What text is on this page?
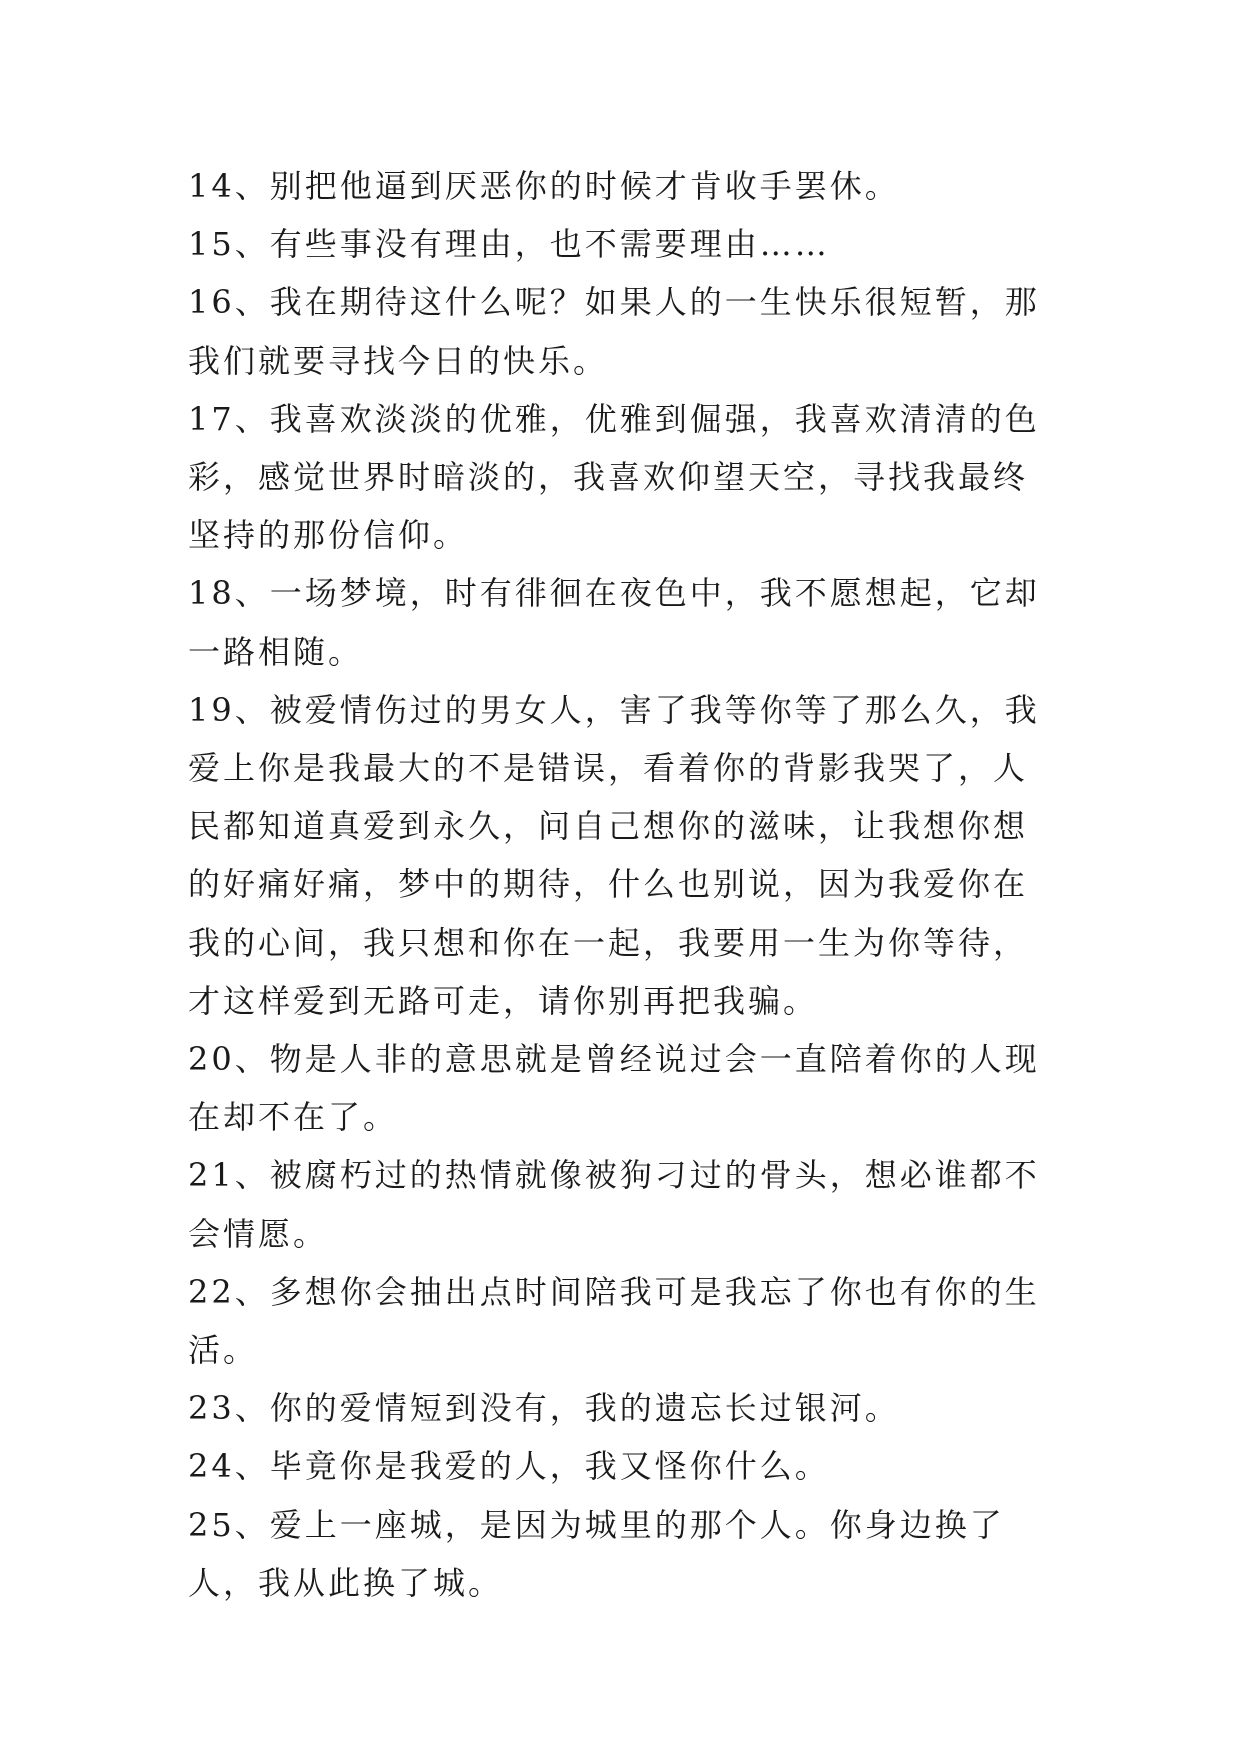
14、别把他逼到厌恶你的时候才肯收手罢休。

15、有些事没有理由，也不需要理由……

16、我在期待这什么呢？如果人的一生快乐很短暂，那我们就要寻找今日的快乐。

17、我喜欢淡淡的优雅，优雅到倔强，我喜欢清清的色彩，感觉世界时暗淡的，我喜欢仰望天空，寻找我最终坚持的那份信仰。

18、一场梦境，时有徘徊在夜色中，我不愿想起，它却一路相随。

19、被爱情伤过的男女人，害了我等你等了那么久，我爱上你是我最大的不是错误，看着你的背影我哭了，人民都知道真爱到永久，问自己想你的滋味，让我想你想的好痛好痛，梦中的期待，什么也别说，因为我爱你在我的心间，我只想和你在一起，我要用一生为你等待，才这样爱到无路可走，请你别再把我骗。

20、物是人非的意思就是曾经说过会一直陪着你的人现在却不在了。

21、被腐朽过的热情就像被狗刁过的骨头，想必谁都不会情愿。

22、多想你会抽出点时间陪我可是我忘了你也有你的生活。

23、你的爱情短到没有，我的遗忘长过银河。

24、毕竟你是我爱的人，我又怪你什么。

25、爱上一座城，是因为城里的那个人。你身边换了人，我从此换了城。
